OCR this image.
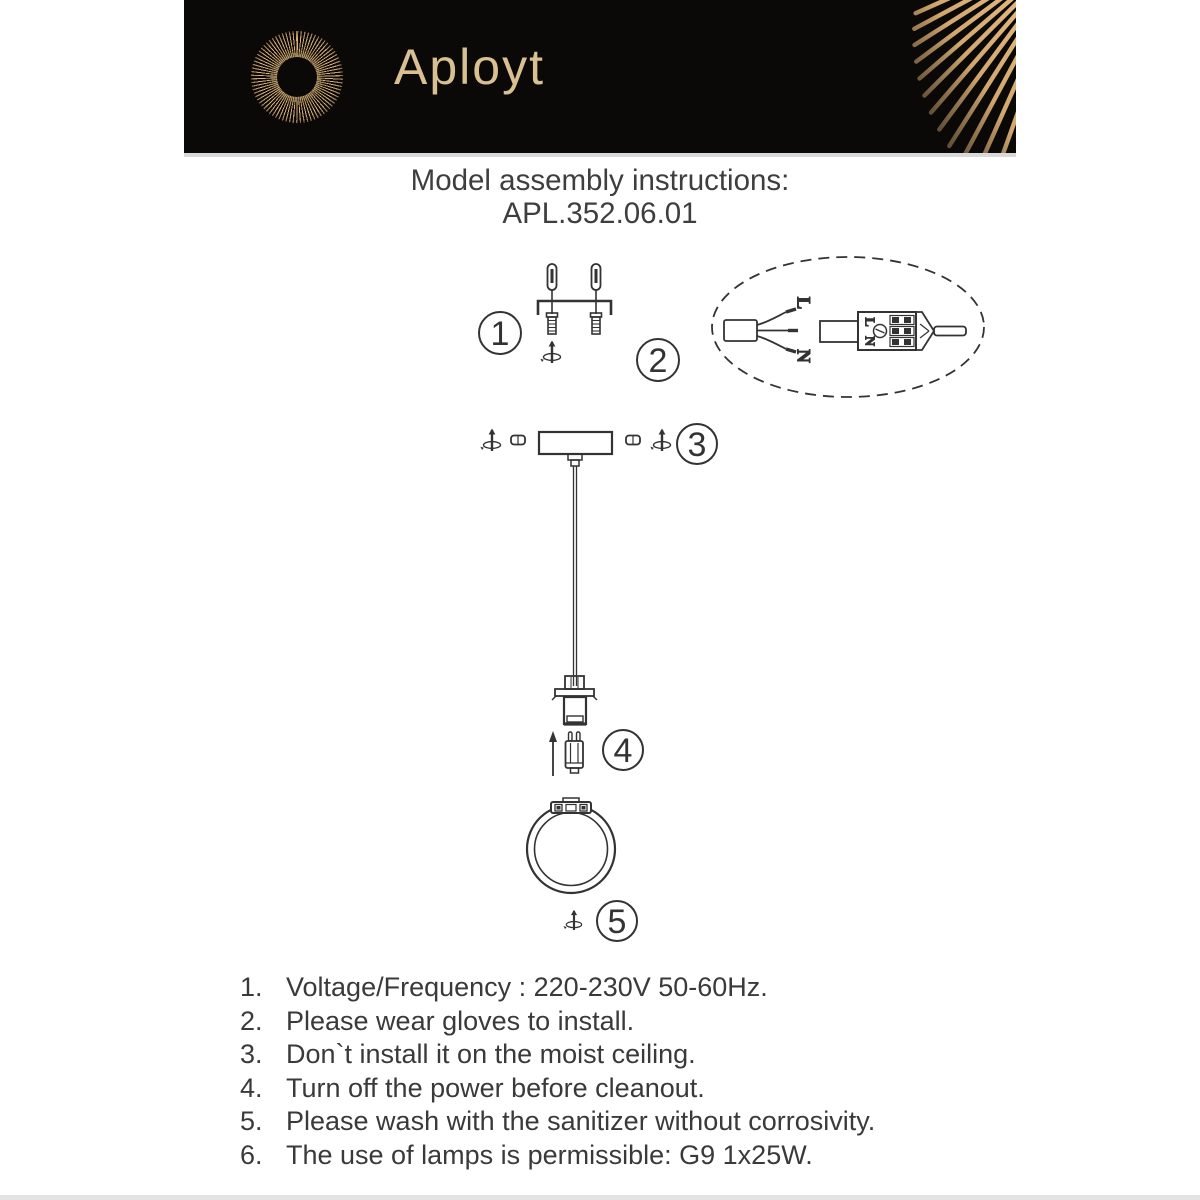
Aployt
Model assembly instructions:
APL.352.06.01
1
L
N
L
N
2
3
4
5
1. Voltage/Frequency : 220-230V 50-60Hz.
2. Please wear gloves to install.
3. Don`t install it on the moist ceiling.
4. Turn off the power before cleanout.
5. Please wash with the sanitizer without corrosivity.
6. The use of lamps is permissible: G9 1x25W.
